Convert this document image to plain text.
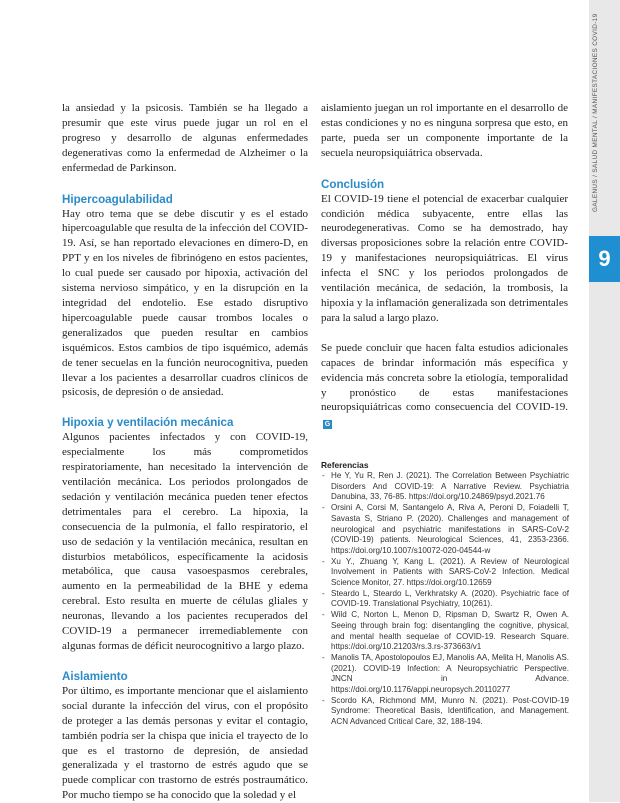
GALENUS / SALUD MENTAL / MANIFESTACIONES COVID-19
9

la ansiedad y la psicosis. También se ha llegado a presumir que este virus puede jugar un rol en el progreso y desarrollo de algunas enfermedades degenerativas como la enfermedad de Alzheimer o la enfermedad de Parkinson.

Hipercoagulabilidad

Hay otro tema que se debe discutir y es el estado hipercoagulable que resulta de la infección del COVID-19. Así, se han reportado elevaciones en dímero-D, en PPT y en los niveles de fibrinógeno en estos pacientes, lo cual puede ser causado por hipoxia, activación del sistema nervioso simpático, y en la disrupción en la integridad del endotelio. Ese estado disruptivo hipercoagulable puede causar trombos locales o generalizados que pueden resultar en cambios isquémicos. Estos cambios de tipo isquémico, además de tener secuelas en la función neurocognitiva, pueden llevar a los pacientes a desarrollar cuadros clínicos de psicosis, de depresión o de ansiedad.

Hipoxia y ventilación mecánica

Algunos pacientes infectados y con COVID-19, especialmente los más comprometidos respiratoriamente, han necesitado la intervención de ventilación mecánica. Los periodos prolongados de sedación y ventilación mecánica pueden tener efectos detrimentales para el cerebro. La hipoxia, la consecuencia de la pulmonía, el fallo respiratorio, el uso de sedación y la ventilación mecánica, resultan en disturbios metabólicos, específicamente la acidosis metabólica, que causa vasoespasmos cerebrales, aumento en la permeabilidad de la BHE y edema cerebral. Esto resulta en muerte de células gliales y neuronas, llevando a los pacientes recuperados del COVID-19 a permanecer irremediablemente con algunas formas de déficit neurocognitivo a largo plazo.

Aislamiento

Por último, es importante mencionar que el aislamiento social durante la infección del virus, con el propósito de proteger a las demás personas y evitar el contagio, también podría ser la chispa que inicia el trayecto de lo que es el trastorno de depresión, de ansiedad generalizada y el trastorno de estrés agudo que se puede complicar con trastorno de estrés postraumático. Por mucho tiempo se ha conocido que la soledad y el

aislamiento juegan un rol importante en el desarrollo de estas condiciones y no es ninguna sorpresa que esto, en parte, pueda ser un componente importante de la secuela neuropsiquiátrica observada.

Conclusión

El COVID-19 tiene el potencial de exacerbar cualquier condición médica subyacente, entre ellas las neurodegenerativas. Como se ha demostrado, hay diversas proposiciones sobre la relación entre COVID-19 y manifestaciones neuropsiquiátricas. El virus infecta el SNC y los periodos prolongados de ventilación mecánica, de sedación, la trombosis, la hipoxia y la inflamación generalizada son detrimentales para la salud a largo plazo.

Se puede concluir que hacen falta estudios adicionales capaces de brindar información más específica y evidencia más concreta sobre la etiología, temporalidad y pronóstico de estas manifestaciones neuropsiquiátricas como consecuencia del COVID-19.G

Referencias
- He Y, Yu R, Ren J. (2021). The Correlation Between Psychiatric Disorders And COVID-19: A Narrative Review. Psychiatria Danubina, 33, 76-85. https://doi.org/10.24869/psyd.2021.76
- Orsini A, Corsi M, Santangelo A, Riva A, Peroni D, Foiadelli T, Savasta S, Striano P. (2020). Challenges and management of neurological and psychiatric manifestations in SARS-CoV-2 (COVID-19) patients. Neurological Sciences, 41, 2353-2366. https://doi.org/10.1007/s10072-020-04544-w
- Xu Y., Zhuang Y, Kang L. (2021). A Review of Neurological Involvement in Patients with SARS-CoV-2 Infection. Medical Science Monitor, 27. https://doi.org/10.12659
- Steardo L, Steardo L, Verkhratsky A. (2020). Psychiatric face of COVID-19. Translational Psychiatry, 10(261).
- Wild C, Norton L, Menon D, Ripsman D, Swartz R, Owen A. Seeing through brain fog: disentangling the cognitive, physical, and mental health sequelae of COVID-19. Research Square. https://doi.org/10.21203/rs.3.rs-373663/v1
- Manolis TA, Apostolopoulos EJ, Manolis AA, Melita H, Manolis AS. (2021). COVID-19 Infection: A Neuropsychiatric Perspective. JNCN in Advance. https://doi.org/10.1176/appi.neuropsych.20110277
- Scordo KA, Richmond MM, Munro N. (2021). Post-COVID-19 Syndrome: Theoretical Basis, Identification, and Management. ACN Advanced Critical Care, 32, 188-194.
